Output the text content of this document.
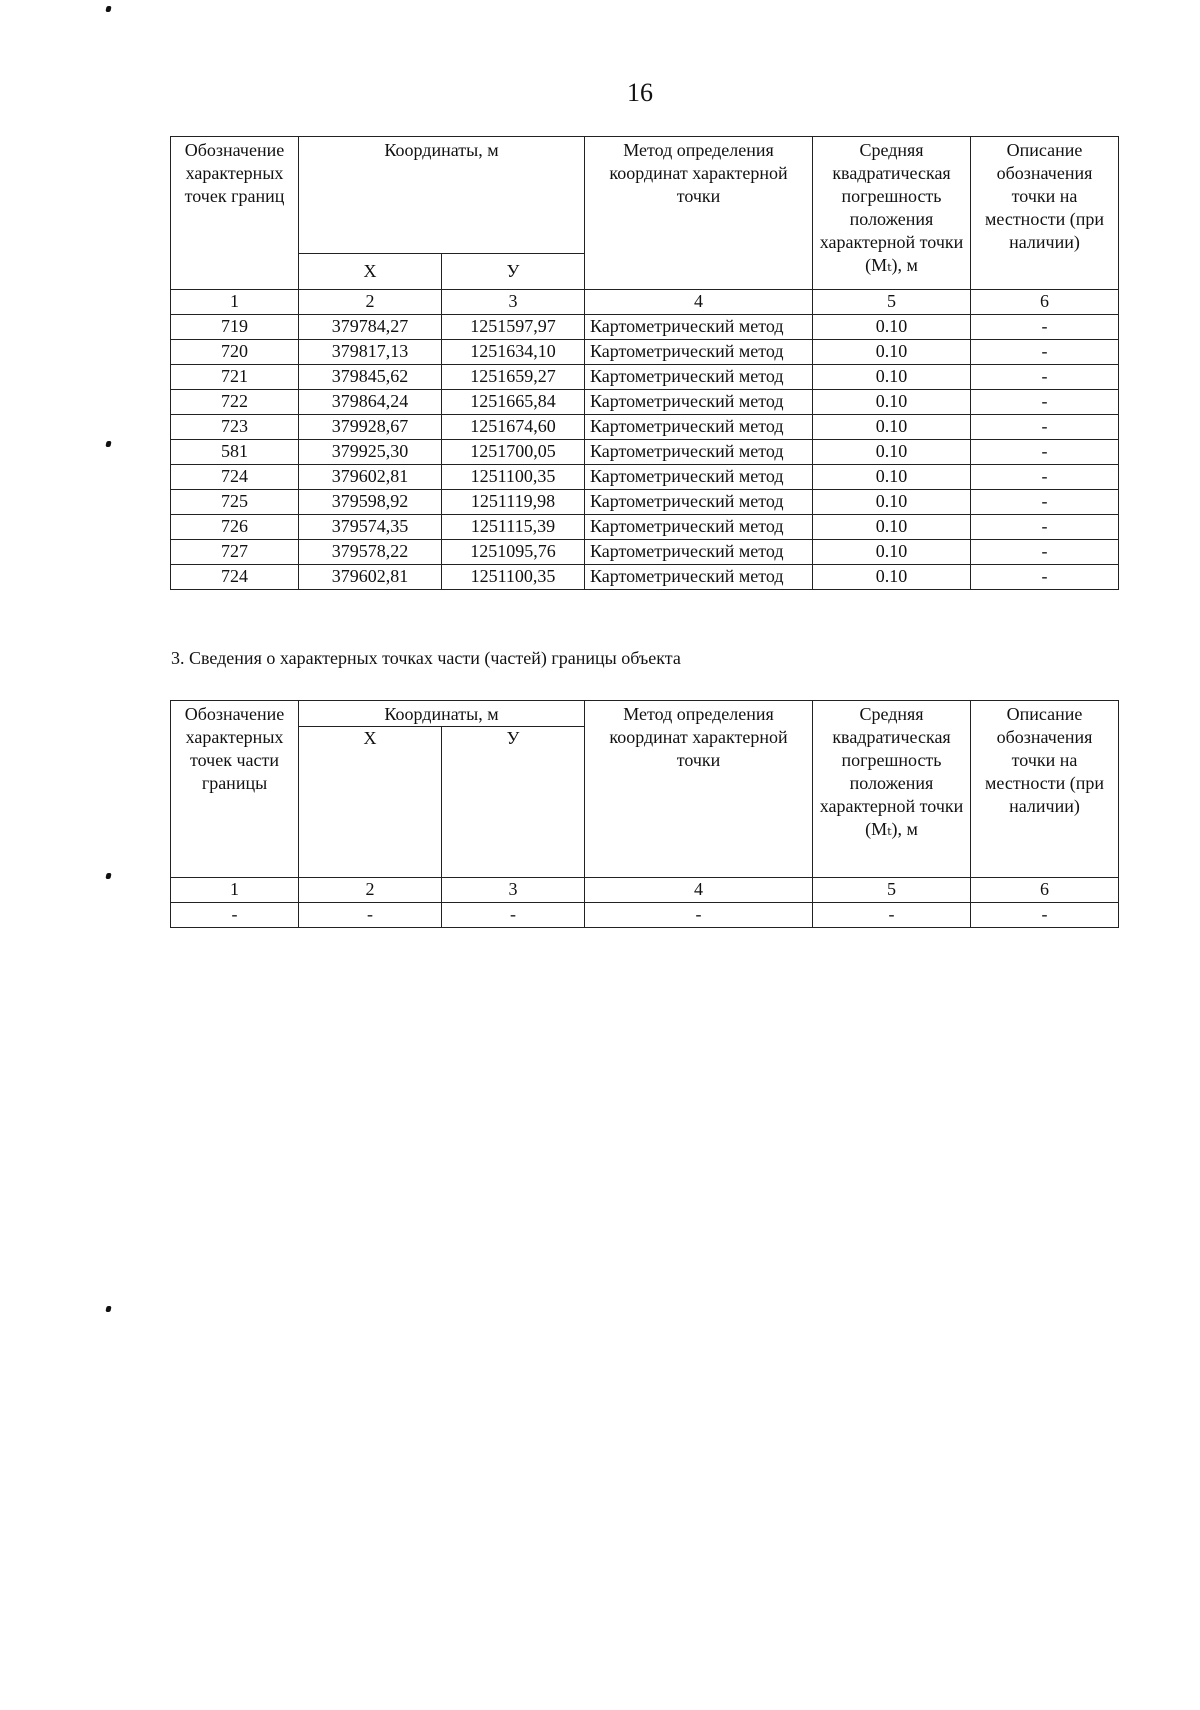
16
Обозначение характерных точек границ	Координаты, м		Метод определения координат характерной точки	Средняя квадратическая погрешность положения характерной точки (Mₜ), м	Описание обозначения точки на местности (при наличии)
	X	У			
1	2	3	4	5	6
719	379784,27	1251597,97	Картометрический метод	0.10	-
720	379817,13	1251634,10	Картометрический метод	0.10	-
721	379845,62	1251659,27	Картометрический метод	0.10	-
722	379864,24	1251665,84	Картометрический метод	0.10	-
723	379928,67	1251674,60	Картометрический метод	0.10	-
581	379925,30	1251700,05	Картометрический метод	0.10	-
724	379602,81	1251100,35	Картометрический метод	0.10	-
725	379598,92	1251119,98	Картометрический метод	0.10	-
726	379574,35	1251115,39	Картометрический метод	0.10	-
727	379578,22	1251095,76	Картометрический метод	0.10	-
724	379602,81	1251100,35	Картометрический метод	0.10	-
3. Сведения о характерных точках части (частей) границы объекта
Обозначение характерных точек части границы	Координаты, м		Метод определения координат характерной точки	Средняя квадратическая погрешность положения характерной точки (Mₜ), м	Описание обозначения точки на местности (при наличии)
	X	У			
1	2	3	4	5	6
-	-	-	-	-	-
